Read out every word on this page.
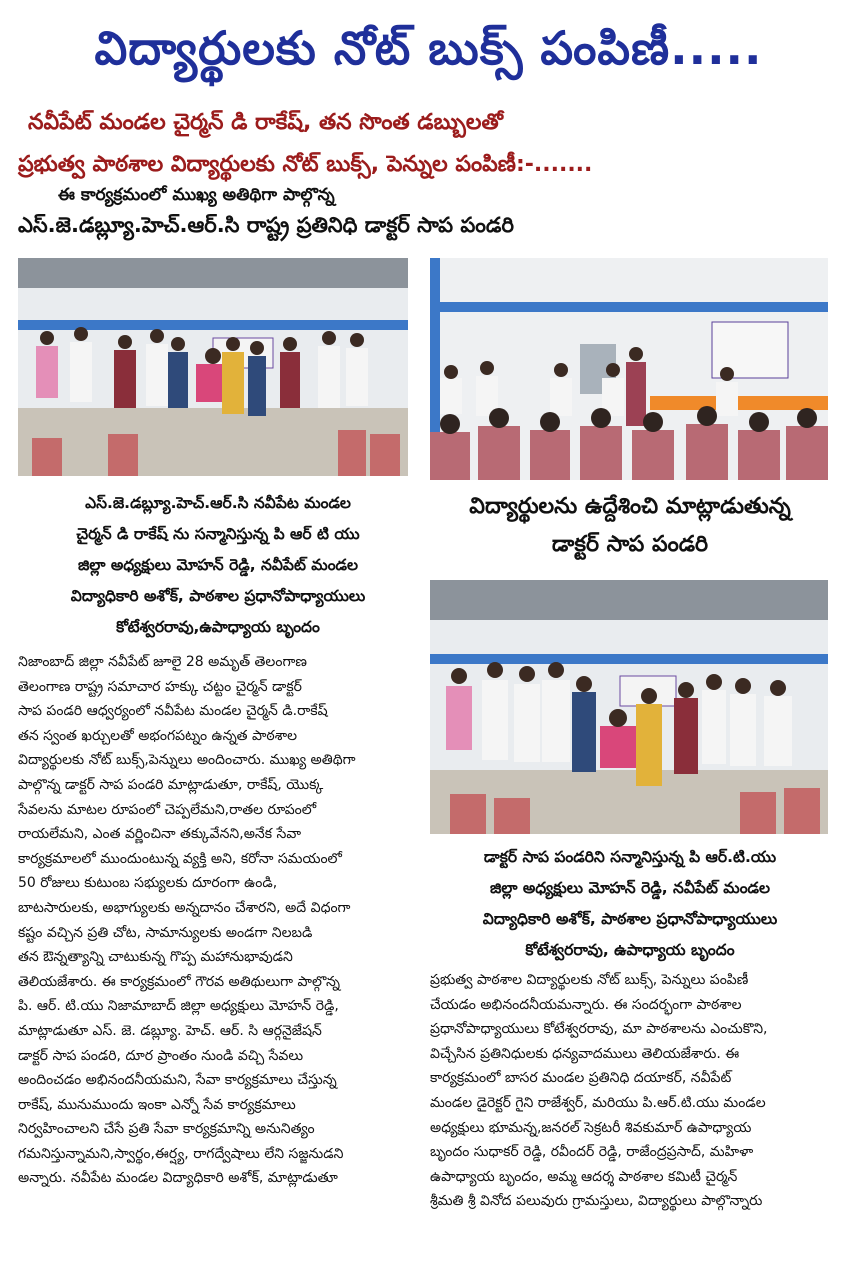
విద్యార్థులకు నోట్ బుక్స్ పంపిణీ.....
నవీపేట్ మండల చైర్మన్ డి రాకేష్, తన సొంత డబ్బులతో
ప్రభుత్వ పాఠశాల విద్యార్థులకు నోట్ బుక్స్, పెన్నుల పంపిణీ:-.......
ఈ కార్యక్రమంలో ముఖ్య అతిథిగా పాల్గొన్న
ఎస్.జె.డబ్ల్యూ.హెచ్.ఆర్.సి రాష్ట్ర ప్రతినిధి డాక్టర్ సాప పండరి
ఎస్.జె.డబ్ల్యూ.హెచ్.ఆర్.సి నవీపేట మండల
చైర్మన్ డి రాకేష్ ను సన్మానిస్తున్న పి ఆర్ టి యు
జిల్లా అధ్యక్షులు మోహన్ రెడ్డి, నవీపేట్ మండల
విద్యాధికారి అశోక్, పాఠశాల ప్రధానోపాధ్యాయులు
కోటేశ్వరరావు,ఉపాధ్యాయ బృందం
విద్యార్థులను ఉద్దేశించి మాట్లాడుతున్న
డాక్టర్ సాప పండరి
డాక్టర్ సాప పండరిని సన్మానిస్తున్న పి ఆర్.టి.యు
జిల్లా అధ్యక్షులు మోహన్ రెడ్డి, నవీపేట్ మండల
విద్యాధికారి అశోక్, పాఠశాల ప్రధానోపాధ్యాయులు
కోటేశ్వరరావు, ఉపాధ్యాయ బృందం

నిజాంబాద్ జిల్లా నవీపేట్ జూలై 28 అమృత్ తెలంగాణ

తెలంగాణ రాష్ట్ర సమాచార హక్కు చట్టం చైర్మన్ డాక్టర్

సాప పండరి ఆధ్వర్యంలో నవీపేట మండల చైర్మన్ డి.రాకేష్

తన స్వంత ఖర్చులతో అభంగపట్నం ఉన్నత పాఠశాల

విద్యార్థులకు నోట్ బుక్స్,పెన్నులు అందించారు. ముఖ్య అతిథిగా

పాల్గొన్న డాక్టర్ సాప పండరి మాట్లాడుతూ, రాకేష్, యొక్క

సేవలను మాటల రూపంలో చెప్పలేమని,రాతల రూపంలో

రాయలేమని, ఎంత వర్ణించినా తక్కువేనని,అనేక సేవా

కార్యక్రమాలలో ముందుంటున్న వ్యక్తి అని, కరోనా సమయంలో

50 రోజులు కుటుంబ సభ్యులకు దూరంగా ఉండి,

బాటసారులకు, అభాగ్యులకు అన్నదానం చేశారని, అదే విధంగా

కష్టం వచ్చిన ప్రతి చోట, సామాన్యులకు అండగా నిలబడి

తన ఔన్నత్యాన్ని చాటుకున్న గొప్ప మహానుభావుడని

తెలియజేశారు. ఈ కార్యక్రమంలో గౌరవ అతిథులుగా పాల్గొన్న

పి. ఆర్. టి.యు నిజామాబాద్ జిల్లా అధ్యక్షులు మోహన్ రెడ్డి,

మాట్లాడుతూ ఎస్. జె. డబ్ల్యూ. హెచ్. ఆర్. సి ఆర్గనైజేషన్

డాక్టర్ సాప పండరి, దూర ప్రాంతం నుండి వచ్చి సేవలు

అందించడం అభినందనీయమని, సేవా కార్యక్రమాలు చేస్తున్న

రాకేష్, మునుముందు ఇంకా ఎన్నో సేవ కార్యక్రమాలు

నిర్వహించాలని చేసే ప్రతి సేవా కార్యక్రమాన్ని అనునిత్యం

గమనిస్తున్నామని,స్వార్థం,ఈర్ష్య, రాగద్వేషాలు లేని సజ్జనుడని

అన్నారు. నవీపేట మండల విద్యాధికారి అశోక్, మాట్లాడుతూ

ప్రభుత్వ పాఠశాల విద్యార్థులకు నోట్ బుక్స్, పెన్నులు పంపిణీ

చేయడం అభినందనీయమన్నారు. ఈ సందర్భంగా పాఠశాల

ప్రధానోపాధ్యాయులు కోటేశ్వరరావు, మా పాఠశాలను ఎంచుకొని,

విచ్చేసిన ప్రతినిధులకు ధన్యవాదములు తెలియజేశారు. ఈ

కార్యక్రమంలో బాసర మండల ప్రతినిధి దయాకర్, నవీపేట్

మండల డైరెక్టర్ గైని రాజేశ్వర్, మరియు పి.ఆర్.టి.యు మండల

అధ్యక్షులు భూమన్న,జనరల్ సెక్రటరీ శివకుమార్ ఉపాధ్యాయ

బృందం సుధాకర్ రెడ్డి, రవీందర్ రెడ్డి, రాజేంద్రప్రసాద్, మహిళా

ఉపాధ్యాయ బృందం, అమ్మ ఆదర్శ పాఠశాల కమిటీ చైర్మన్

శ్రీమతి శ్రీ వినోద పలువురు గ్రామస్తులు, విద్యార్థులు పాల్గొన్నారు
